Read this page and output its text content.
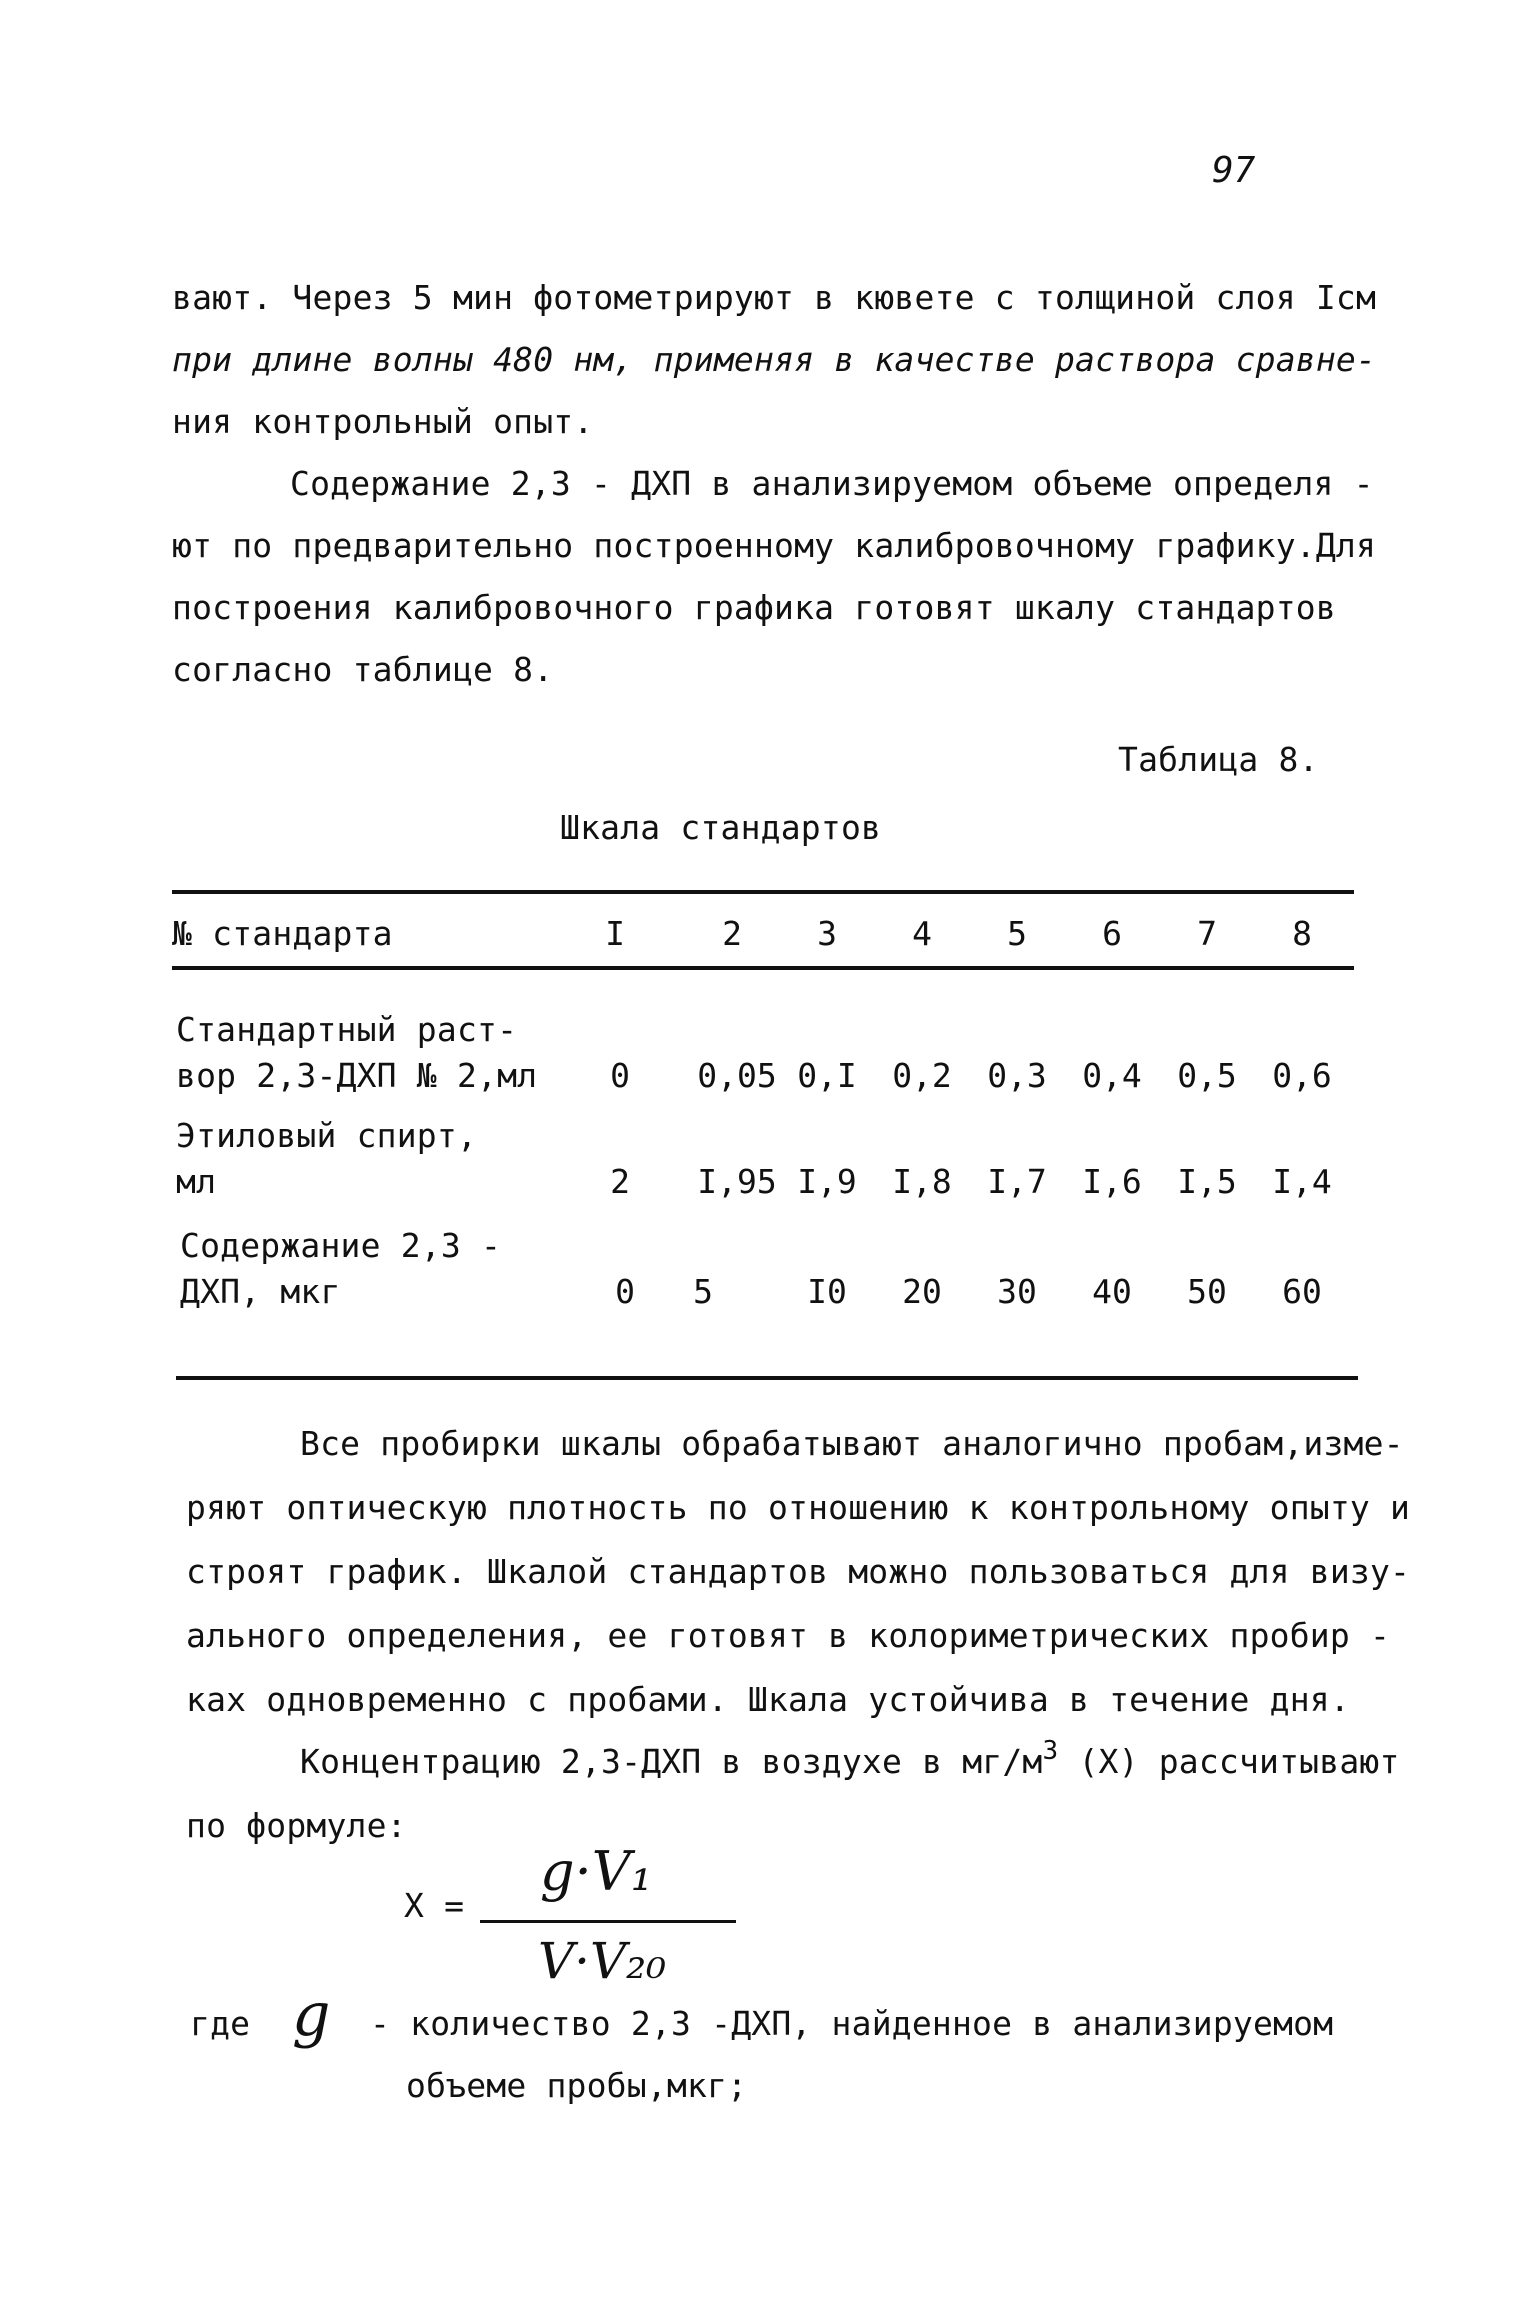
97
вают. Через 5 мин фотометрируют в кювете с толщиной слоя Iсм
при длине волны 480 нм, применяя в качестве раствора сравне-
ния контрольный опыт.
Содержание 2,3 - ДХП в анализируемом объеме определя -
ют по предварительно построенному калибровочному графику.Для
построения калибровочного графика готовят шкалу стандартов
согласно таблице 8.
Таблица 8.
Шкала стандартов
№ стандарта	I	2	3	4	5	6	7	8
Стандартный раст-
вор 2,3-ДХП № 2,мл	0	0,05 0,I 0,2 0,3 0,4 0,5 0,6
Этиловый спирт,
мл	2	I,95 I,9 I,8 I,7 I,6 I,5 I,4
Содержание 2,3 -
ДХП, мкг	0	5	I0	20	30	40	50	60
Все пробирки шкалы обрабатывают аналогично пробам,изме-
ряют оптическую плотность по отношению к контрольному опыту и
строят график. Шкалой стандартов можно пользоваться для визу-
ального определения, ее готовят в колориметрических пробир -
ках одновременно с пробами. Шкала устойчива в течение дня.
Концентрацию 2,3-ДХП в воздухе в $мг/м^3$ (X) рассчитывают
по формуле:
X =
g·V₁
V·V₂₀
где g - количество 2,3 -ДХП, найденное в анализируемом
объеме пробы,мкг;
